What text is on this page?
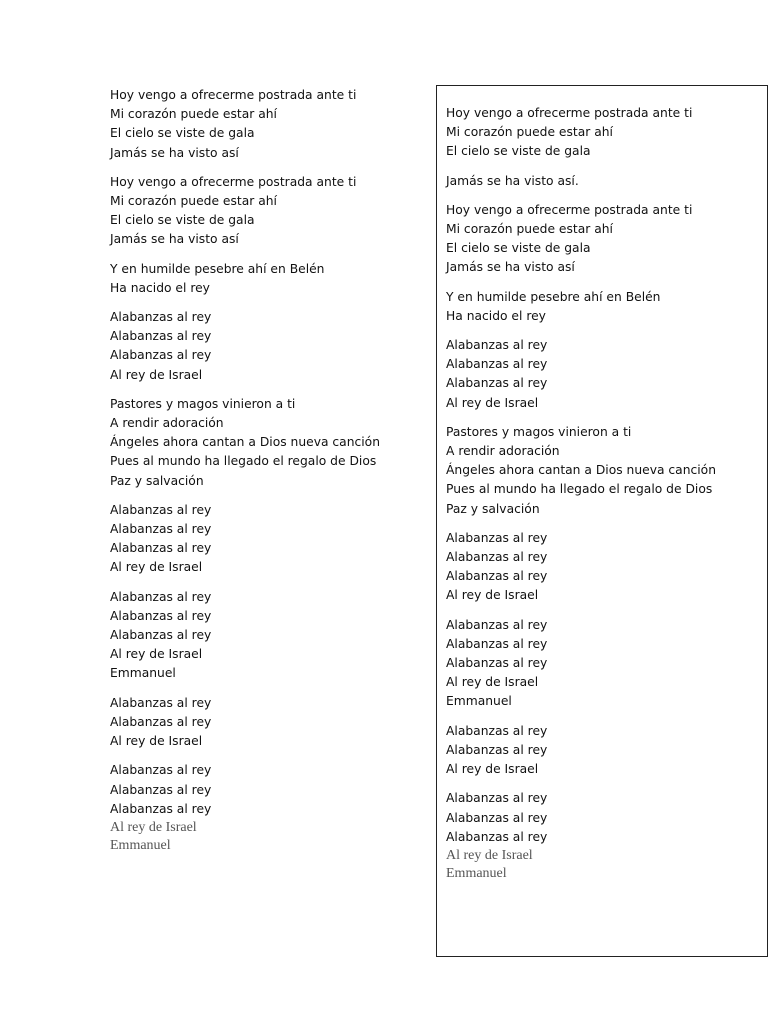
Hoy vengo a ofrecerme postrada ante ti
Mi corazón puede estar ahí
El cielo se viste de gala
Jamás se ha visto así
Hoy vengo a ofrecerme postrada ante ti
Mi corazón puede estar ahí
El cielo se viste de gala
Jamás se ha visto así
Y en humilde pesebre ahí en Belén
Ha nacido el rey
Alabanzas al rey
Alabanzas al rey
Alabanzas al rey
Al rey de Israel
Pastores y magos vinieron a ti
A rendir adoración
Ángeles ahora cantan a Dios nueva canción
Pues al mundo ha llegado el regalo de Dios
Paz y salvación
Alabanzas al rey
Alabanzas al rey
Alabanzas al rey
Al rey de Israel
Alabanzas al rey
Alabanzas al rey
Alabanzas al rey
Al rey de Israel
Emmanuel
Alabanzas al rey
Alabanzas al rey
Al rey de Israel
Alabanzas al rey
Alabanzas al rey
Alabanzas al rey
Al rey de Israel
Emmanuel
Hoy vengo a ofrecerme postrada ante ti
Mi corazón puede estar ahí
El cielo se viste de gala
Jamás se ha visto así.
Hoy vengo a ofrecerme postrada ante ti
Mi corazón puede estar ahí
El cielo se viste de gala
Jamás se ha visto así
Y en humilde pesebre ahí en Belén
Ha nacido el rey
Alabanzas al rey
Alabanzas al rey
Alabanzas al rey
Al rey de Israel
Pastores y magos vinieron a ti
A rendir adoración
Ángeles ahora cantan a Dios nueva canción
Pues al mundo ha llegado el regalo de Dios
Paz y salvación
Alabanzas al rey
Alabanzas al rey
Alabanzas al rey
Al rey de Israel
Alabanzas al rey
Alabanzas al rey
Alabanzas al rey
Al rey de Israel
Emmanuel
Alabanzas al rey
Alabanzas al rey
Al rey de Israel
Alabanzas al rey
Alabanzas al rey
Alabanzas al rey
Al rey de Israel
Emmanuel
